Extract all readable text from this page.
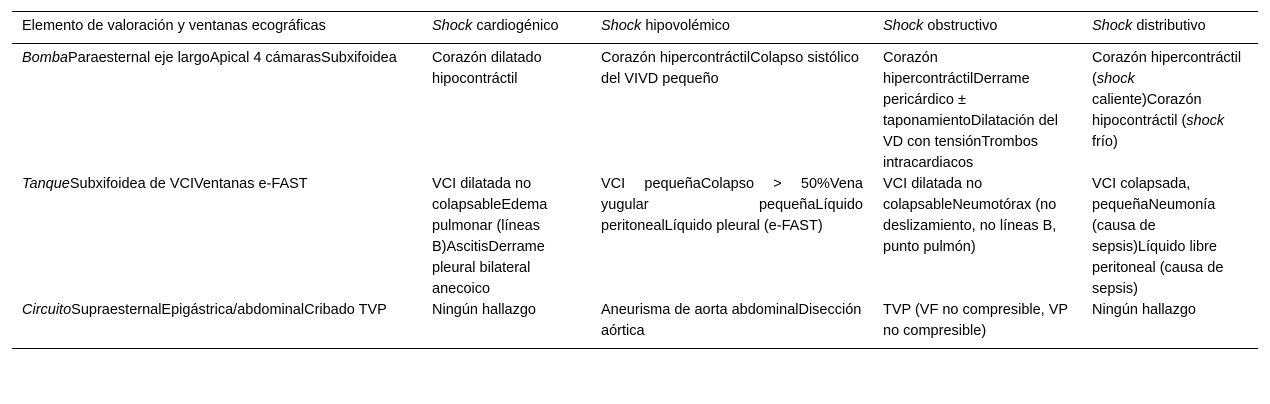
Elemento de valoración y ventanas ecográficas	Shock cardiogénico	Shock hipovolémico	Shock obstructivo	Shock distributivo
BombaParaesternal eje largoApical 4 cámarasSubxifoidea	Corazón dilatado hipocontráctil	Corazón hipercontráctilColapso sistólico del VIVD pequeño	Corazón hipercontráctilDerrame pericárdico ± taponamientoDilatación del VD con tensiónTrombos intracardiacos	Corazón hipercontráctil (shock caliente)Corazón hipocontráctil (shock frío)
TanqueSubxifoidea de VCIVentanas e-FAST	VCI dilatada no colapsableEdema pulmonar (líneas B)AscitisDerrame pleural bilateral anecoico	VCI pequeñaColapso > 50%Vena yugular pequeñaLíquido peritonealLíquido pleural (e-FAST)	VCI dilatada no colapsableNeumotórax (no deslizamiento, no líneas B, punto pulmón)	VCI colapsada, pequeñaNeumonía (causa de sepsis)Líquido libre peritoneal (causa de sepsis)
CircuitoSupraesternalEpigástrica/abdominalCribado TVP	Ningún hallazgo	Aneurisma de aorta abdominalDisección aórtica	TVP (VF no compresible, VP no compresible)	Ningún hallazgo
